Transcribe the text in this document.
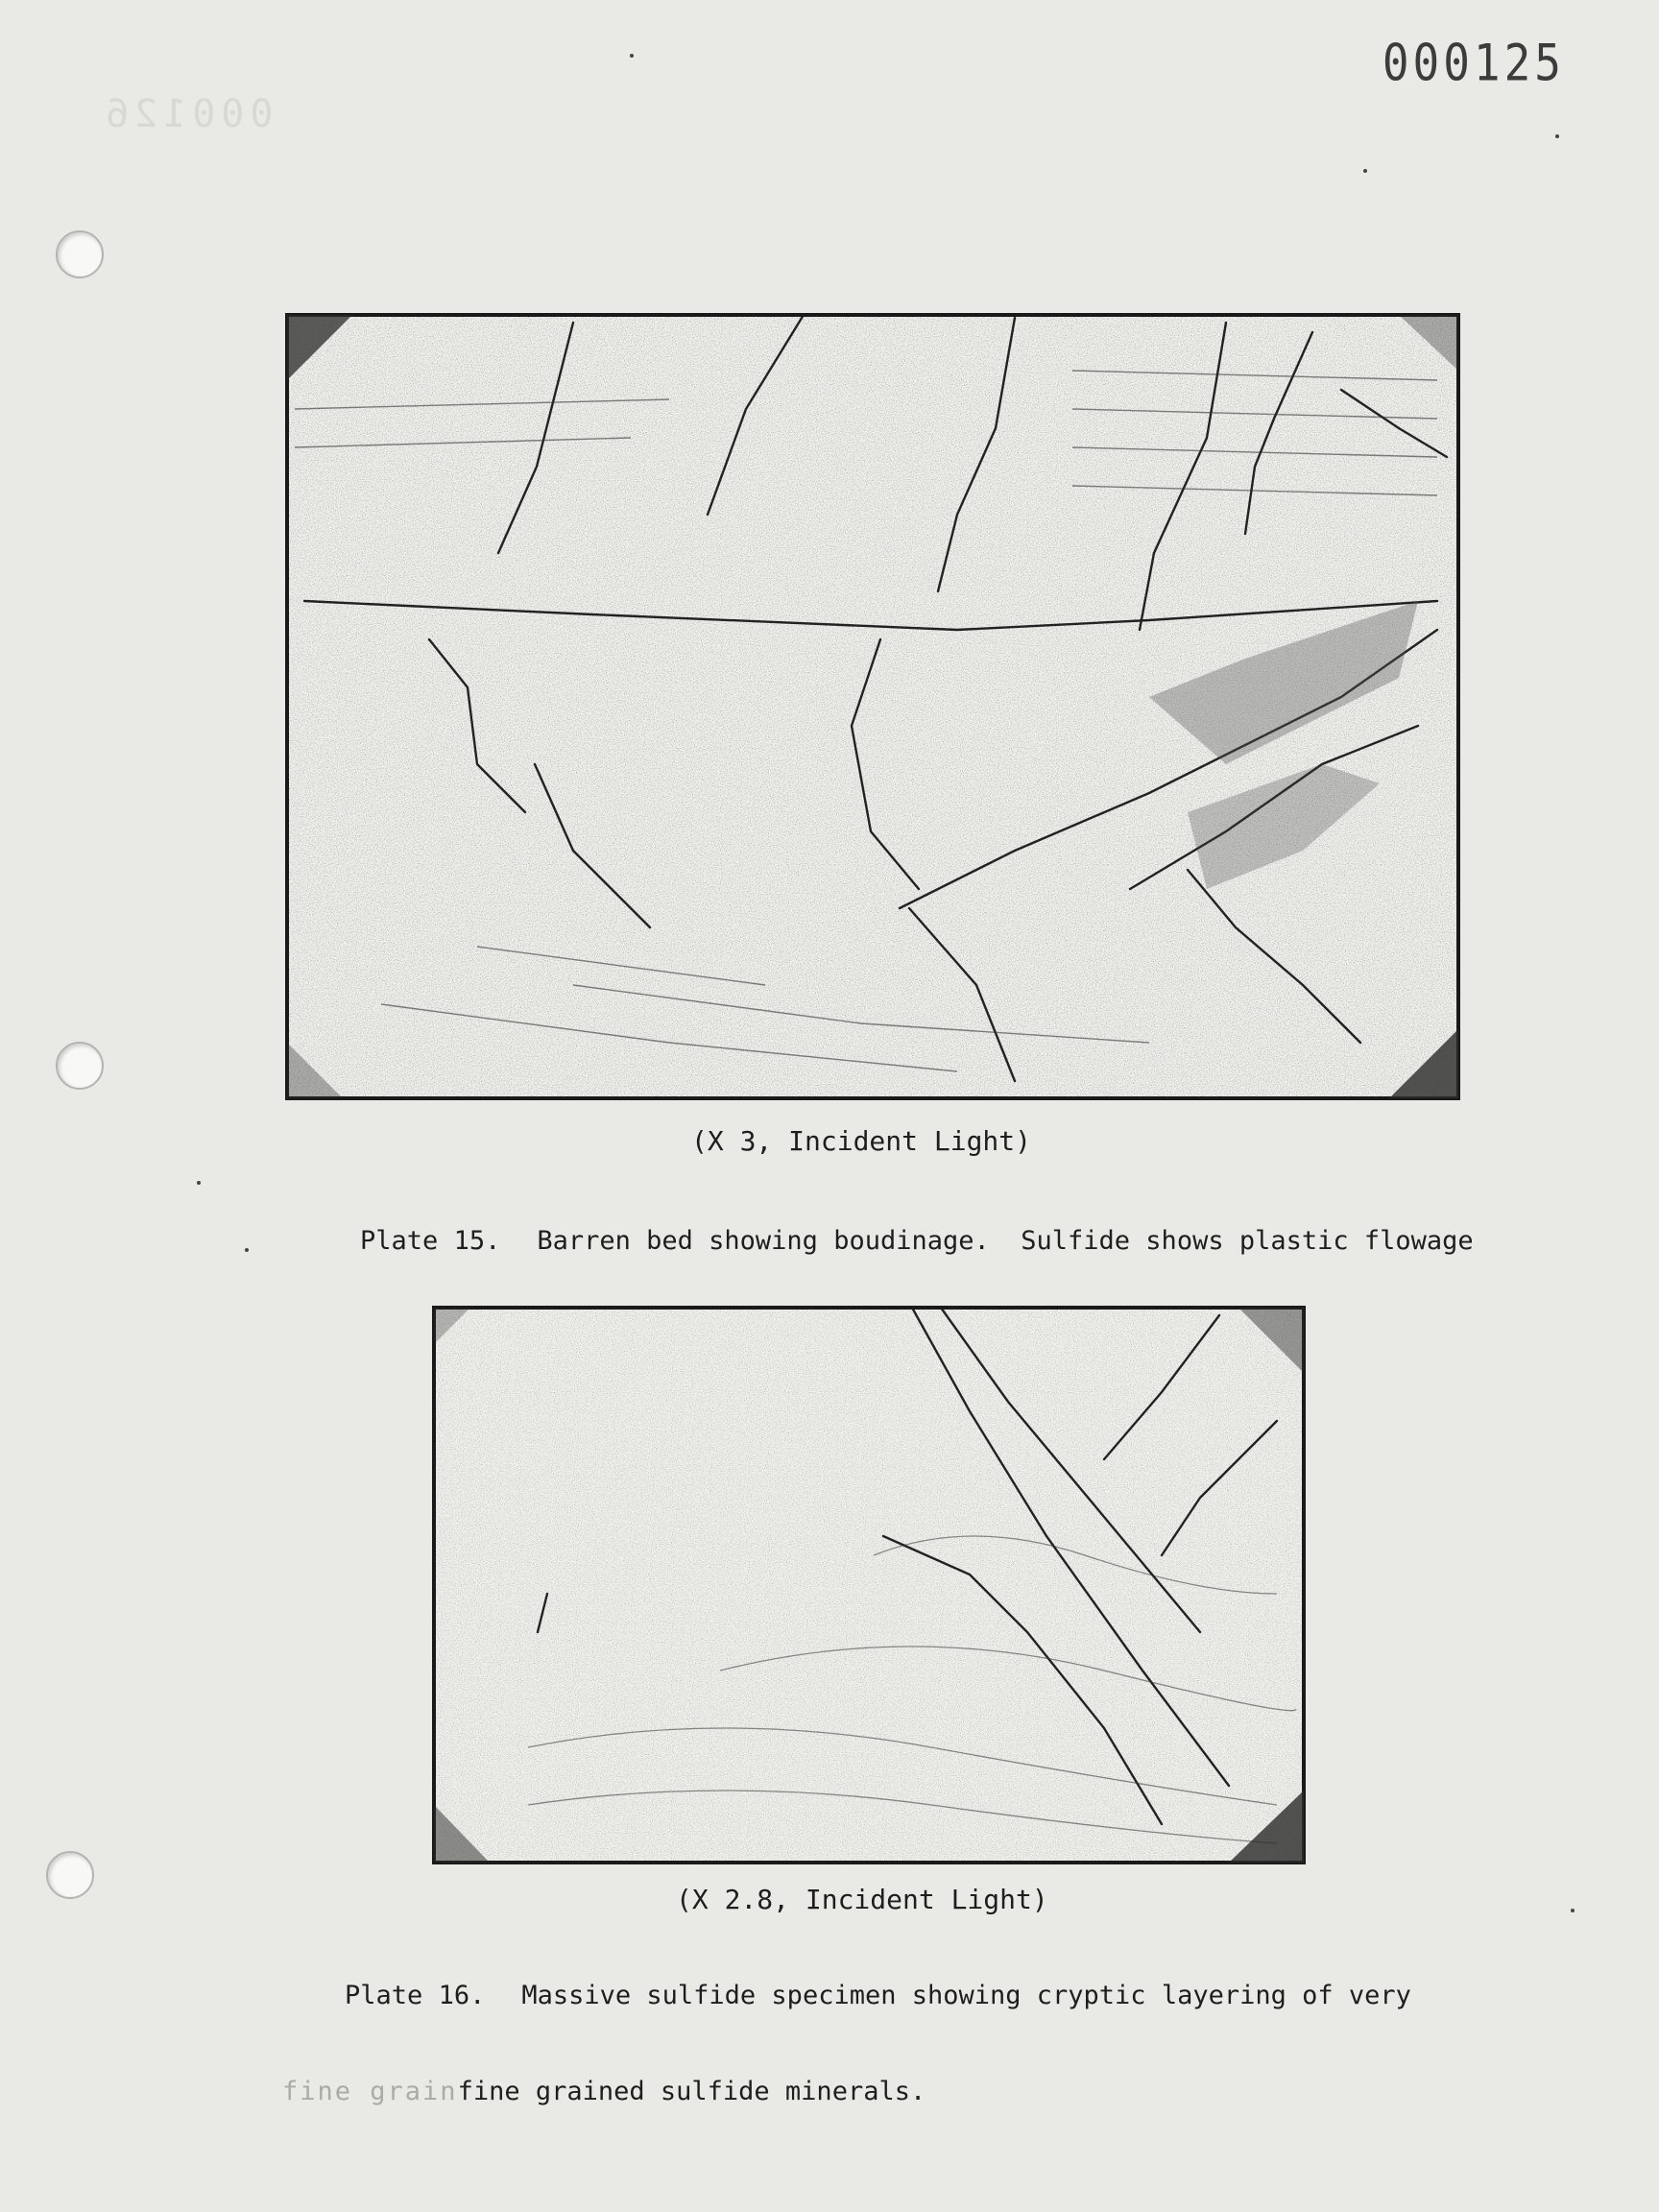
000126
000125
(X 3, Incident Light)

Plate 15. Barren bed showing boudinage.  Sulfide shows plastic flowage

(X 2.8, Incident Light)

Plate 16. Massive sulfide specimen showing cryptic layering of very

fine grainfine grained sulfide minerals.
